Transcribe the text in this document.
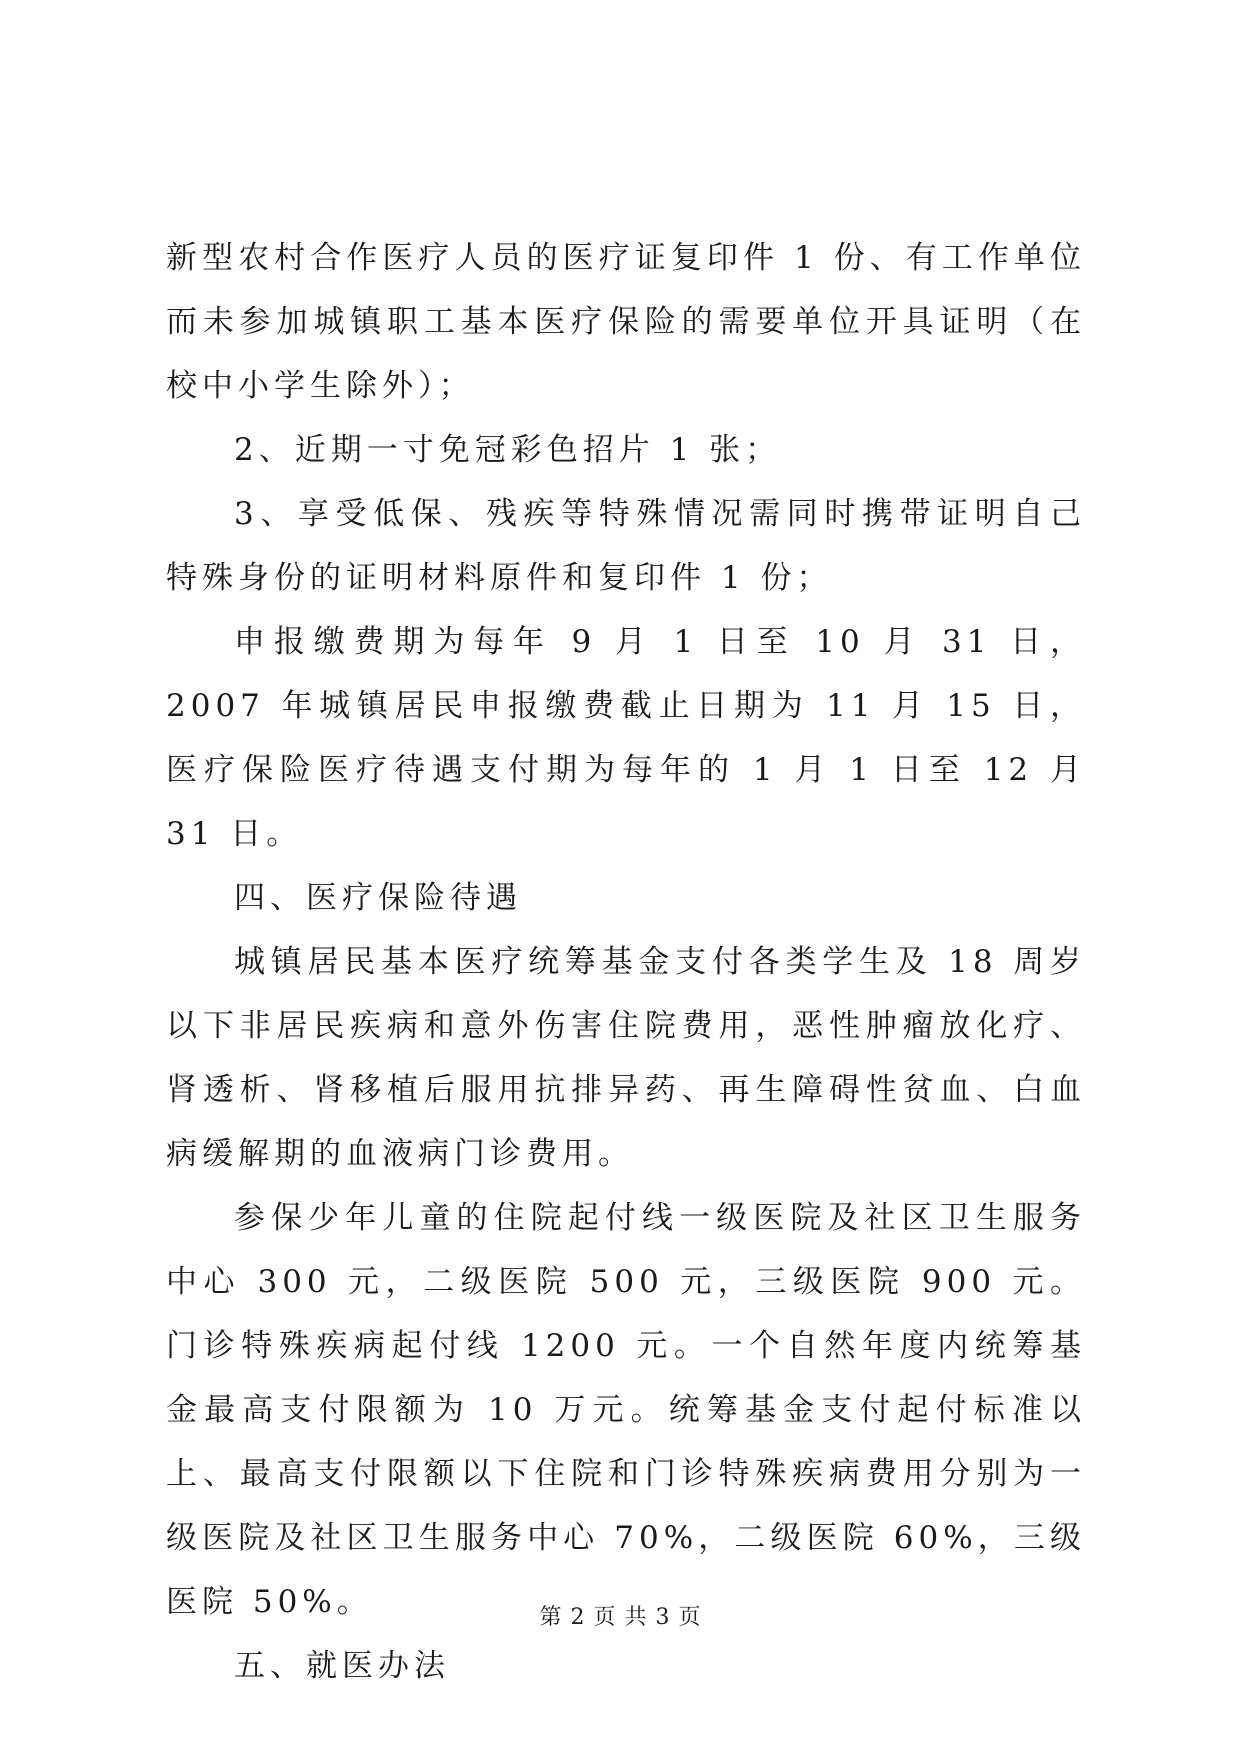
新型农村合作医疗人员的医疗证复印件 1 份、有工作单位而未参加城镇职工基本医疗保险的需要单位开具证明（在校中小学生除外）；

2、近期一寸免冠彩色招片 1 张；

3、享受低保、残疾等特殊情况需同时携带证明自己特殊身份的证明材料原件和复印件 1 份；

申报缴费期为每年 9 月 1 日至 10 月 31 日，2007 年城镇居民申报缴费截止日期为 11 月 15 日，医疗保险医疗待遇支付期为每年的 1 月 1 日至 12 月 31 日。

四、医疗保险待遇

城镇居民基本医疗统筹基金支付各类学生及 18 周岁以下非居民疾病和意外伤害住院费用，恶性肿瘤放化疗、肾透析、肾移植后服用抗排异药、再生障碍性贫血、白血病缓解期的血液病门诊费用。

参保少年儿童的住院起付线一级医院及社区卫生服务中心 300 元，二级医院 500 元，三级医院 900 元。门诊特殊疾病起付线 1200 元。一个自然年度内统筹基金最高支付限额为 10 万元。统筹基金支付起付标准以上、最高支付限额以下住院和门诊特殊疾病费用分别为一级医院及社区卫生服务中心 70%，二级医院 60%，三级医院 50%。

五、就医办法

第 2 页 共 3 页
